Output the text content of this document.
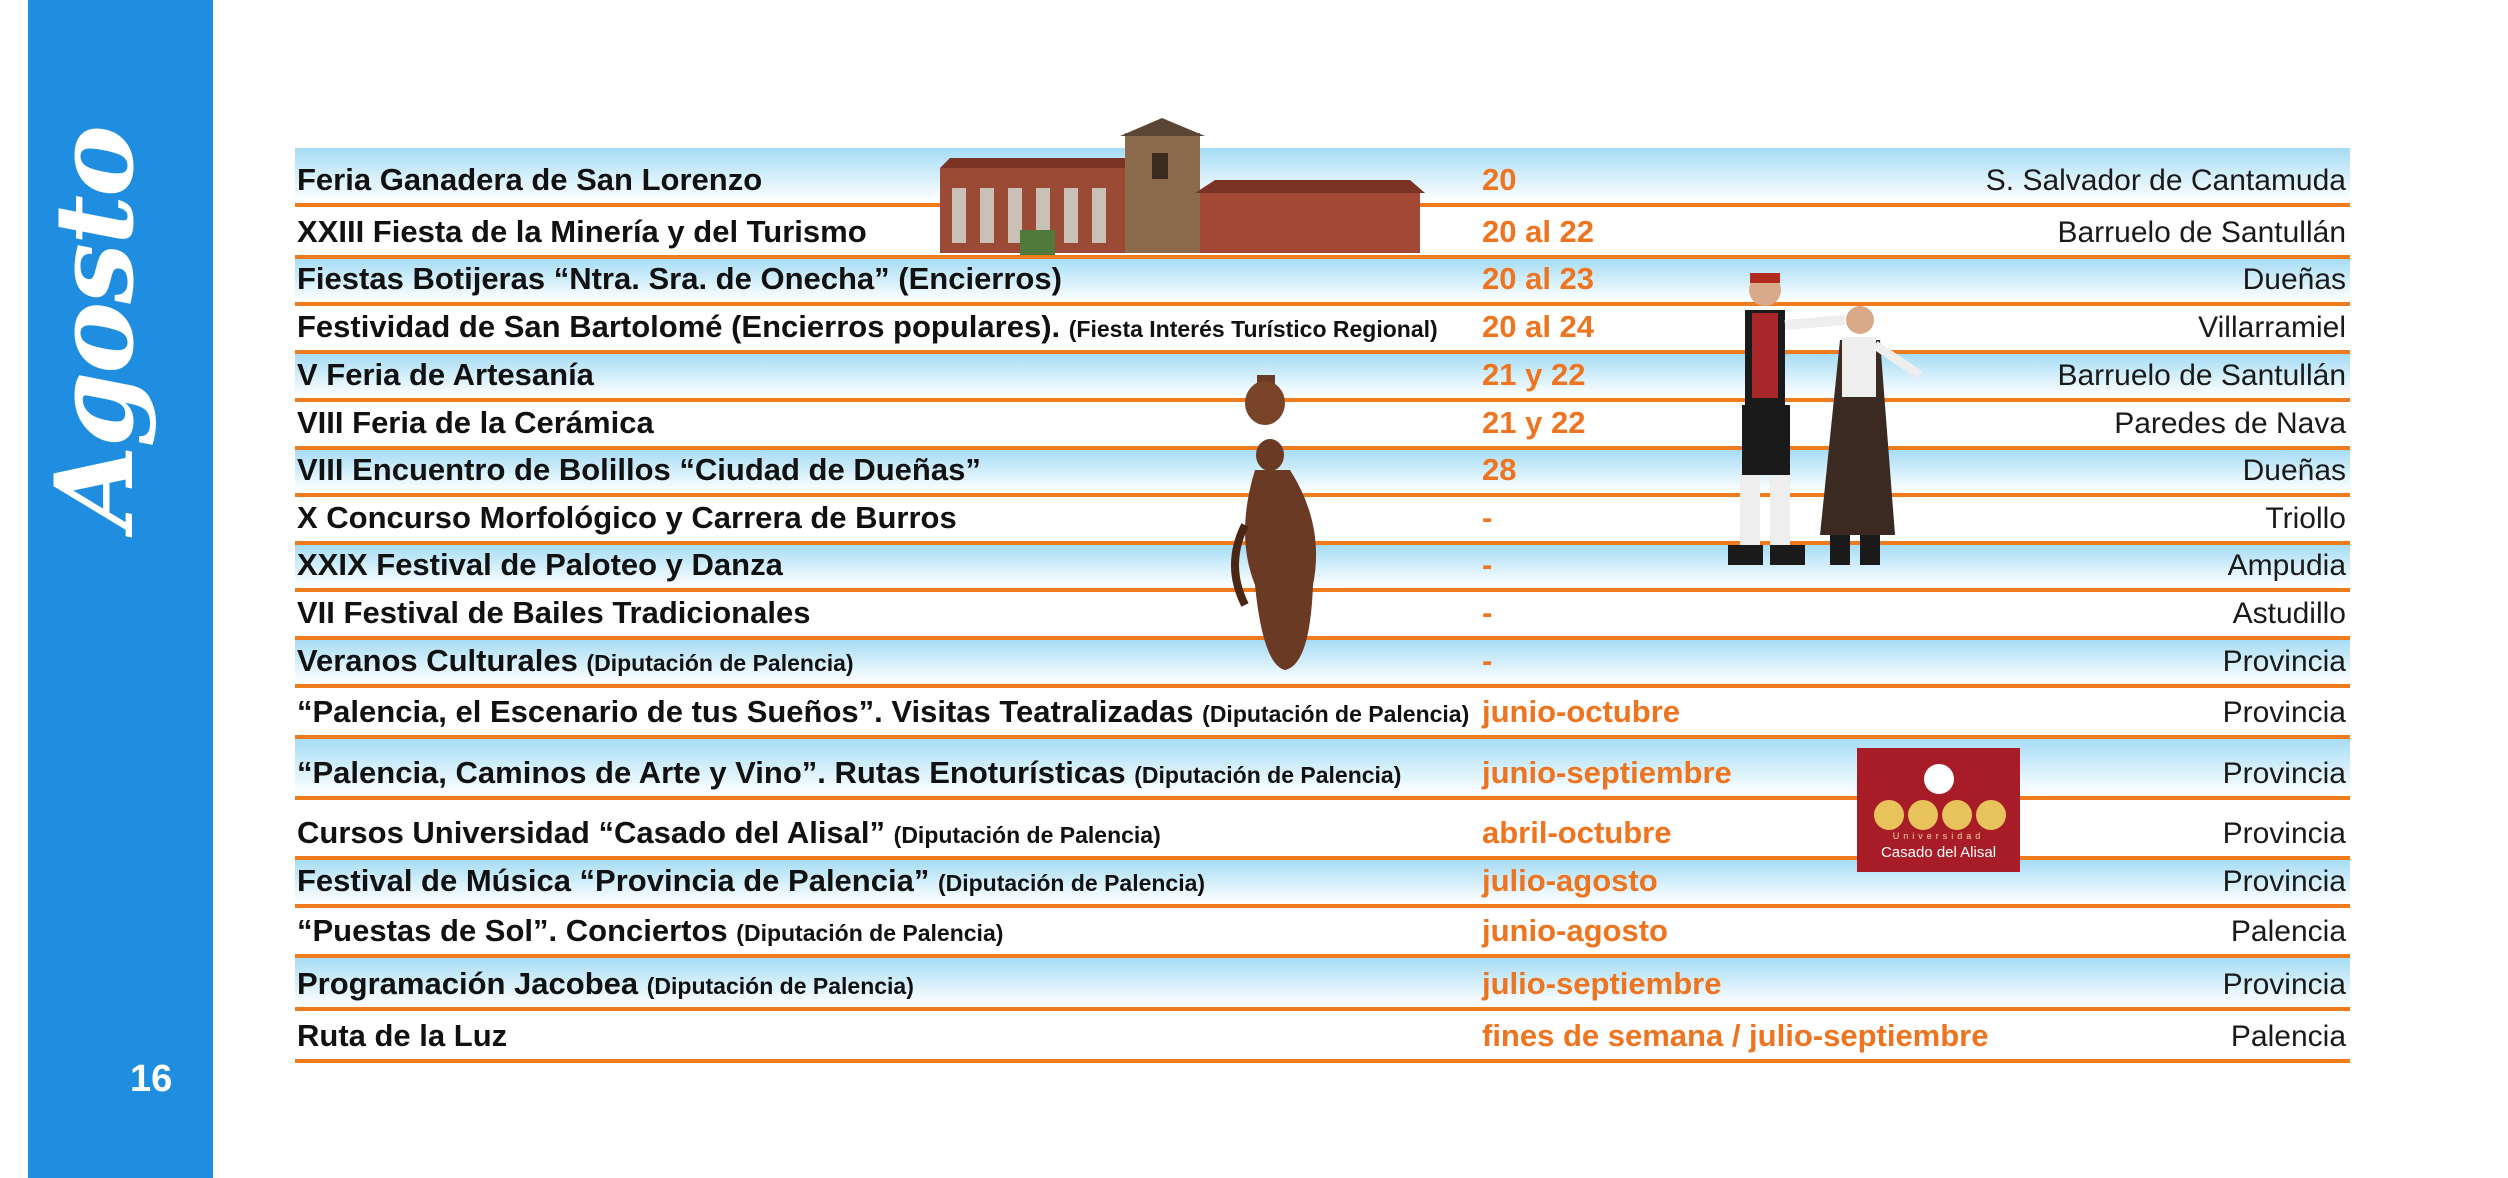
Agosto
16
Feria Ganadera de San Lorenzo	20	S. Salvador de Cantamuda
XXIII Fiesta de la Minería y del Turismo	20 al 22	Barruelo de Santullán
Fiestas Botijeras “Ntra. Sra. de Onecha” (Encierros)	20 al 23	Dueñas
Festividad de San Bartolomé (Encierros populares). (Fiesta Interés Turístico Regional) 20 al 24	Villarramiel
V Feria de Artesanía	21 y 22	Barruelo de Santullán
VIII Feria de la Cerámica	21 y 22	Paredes de Nava
VIII Encuentro de Bolillos “Ciudad de Dueñas”	28	Dueñas
X Concurso Morfológico y Carrera de Burros	-	Triollo
XXIX Festival de Paloteo y Danza	-	Ampudia
VII Festival de Bailes Tradicionales	-	Astudillo
Veranos Culturales (Diputación de Palencia)	-	Provincia
“Palencia, el Escenario de tus Sueños”. Visitas Teatralizadas (Diputación de Palencia) junio-octubre	Provincia
“Palencia, Caminos de Arte y Vino”. Rutas Enoturísticas (Diputación de Palencia)	junio-septiembre	Provincia
Cursos Universidad “Casado del Alisal” (Diputación de Palencia)	abril-octubre	Provincia
Festival de Música “Provincia de Palencia” (Diputación de Palencia)	julio-agosto	Provincia
“Puestas de Sol”. Conciertos (Diputación de Palencia)	junio-agosto	Palencia
Programación Jacobea (Diputación de Palencia)	julio-septiembre	Provincia
Ruta de la Luz	fines de semana / julio-septiembre	Palencia
Universidad
Casado del Alisal
